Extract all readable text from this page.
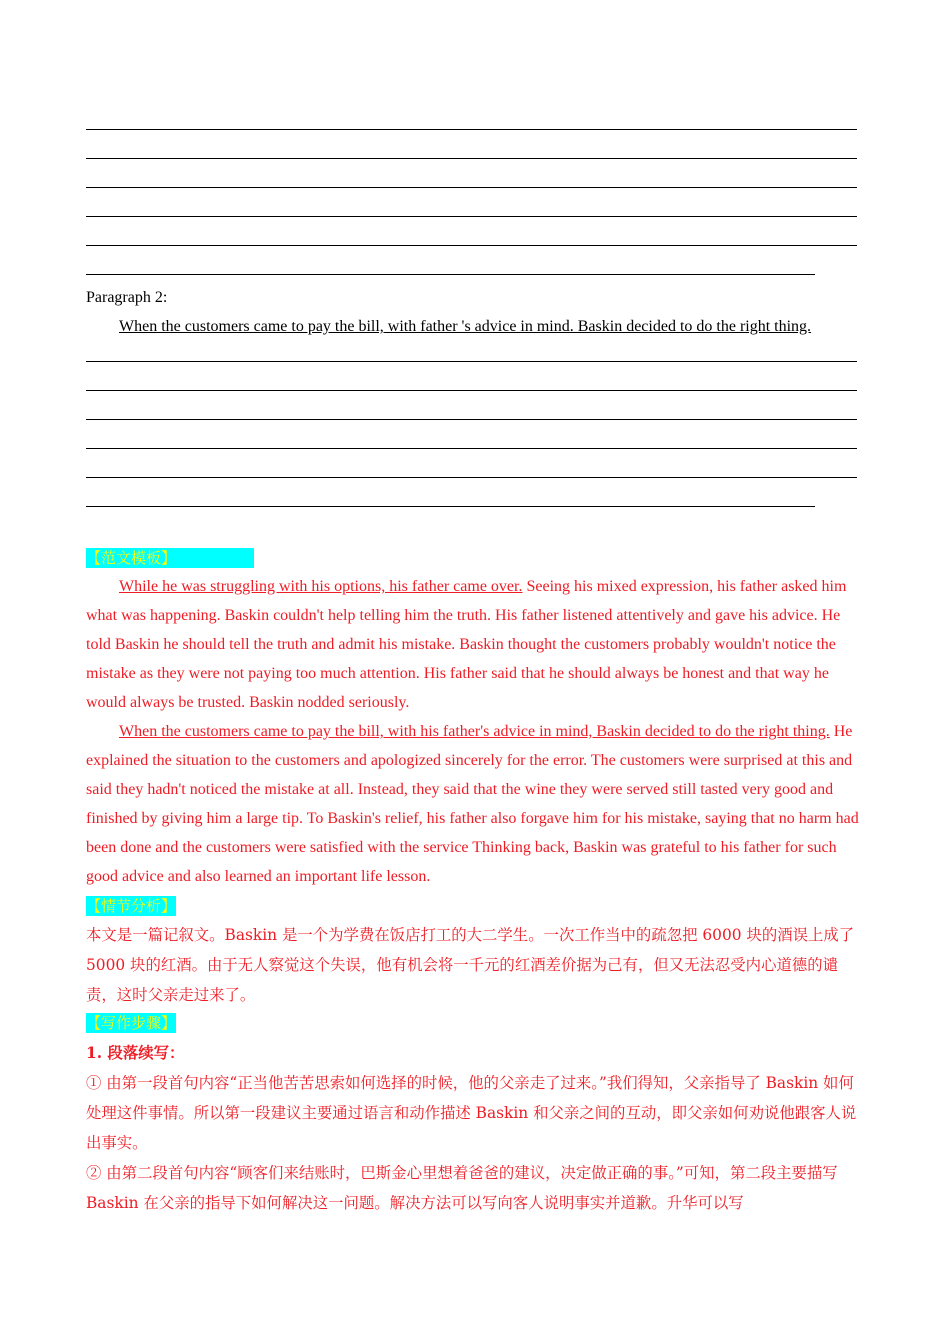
Paragraph 2:
When the customers came to pay the bill, with father 's advice in mind. Baskin decided to do the right thing.
【范文模板】

While he was struggling with his options, his father came over. Seeing his mixed expression, his father asked him what was happening. Baskin couldn't help telling him the truth. His father listened attentively and gave his advice. He told Baskin he should tell the truth and admit his mistake. Baskin thought the customers probably wouldn't notice the mistake as they were not paying too much attention. His father said that he should always be honest and that way he would always be trusted. Baskin nodded seriously.

When the customers came to pay the bill, with his father's advice in mind, Baskin decided to do the right thing. He explained the situation to the customers and apologized sincerely for the error. The customers were surprised at this and said they hadn't noticed the mistake at all. Instead, they said that the wine they were served still tasted very good and finished by giving him a large tip. To Baskin's relief, his father also forgave him for his mistake, saying that no harm had been done and the customers were satisfied with the service Thinking back, Baskin was grateful to his father for such good advice and also learned an important life lesson.

【情节分析】

本文是一篇记叙文。Baskin 是一个为学费在饭店打工的大二学生。一次工作当中的疏忽把 6000 块的酒误上成了 5000 块的红酒。由于无人察觉这个失误，他有机会将一千元的红酒差价据为己有，但又无法忍受内心道德的谴责，这时父亲走过来了。

【写作步骤】
1. 段落续写：

① 由第一段首句内容“正当他苦苦思索如何选择的时候，他的父亲走了过来。”我们得知，父亲指导了 Baskin 如何处理这件事情。所以第一段建议主要通过语言和动作描述 Baskin 和父亲之间的互动，即父亲如何劝说他跟客人说出事实。

② 由第二段首句内容“顾客们来结账时，巴斯金心里想着爸爸的建议，决定做正确的事。”可知，第二段主要描写 Baskin 在父亲的指导下如何解决这一问题。解决方法可以写向客人说明事实并道歉。升华可以写
